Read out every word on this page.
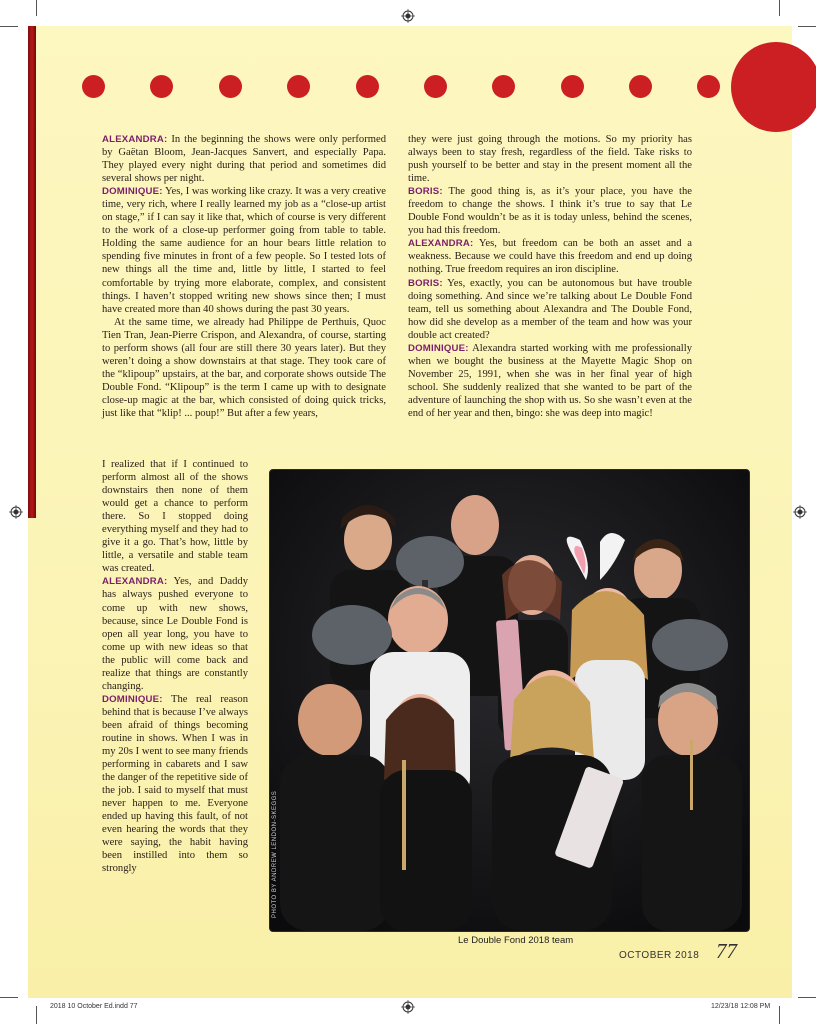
ALEXANDRA: In the beginning the shows were only performed by Gaëtan Bloom, Jean-Jacques Sanvert, and especially Papa. They played every night during that period and sometimes did several shows per night.

DOMINIQUE: Yes, I was working like crazy. It was a very creative time, very rich, where I really learned my job as a “close-up artist on stage,” if I can say it like that, which of course is very different to the work of a close-up performer going from table to table. Holding the same audience for an hour bears little relation to spending five minutes in front of a few people. So I tested lots of new things all the time and, little by little, I started to feel comfortable by trying more elaborate, complex, and consistent things. I haven’t stopped writing new shows since then; I must have created more than 40 shows during the past 30 years.

At the same time, we already had Philippe de Perthuis, Quoc Tien Tran, Jean-Pierre Crispon, and Alexandra, of course, starting to perform shows (all four are still there 30 years later). But they weren’t doing a show downstairs at that stage. They took care of the “klipoup” upstairs, at the bar, and corporate shows outside The Double Fond. “Klipoup” is the term I came up with to designate close-up magic at the bar, which consisted of doing quick tricks, just like that “klip! ... poup!” But after a few years,

I realized that if I continued to perform almost all of the shows downstairs then none of them would get a chance to perform there. So I stopped doing everything myself and they had to give it a go. That’s how, little by little, a versatile and stable team was created.

ALEXANDRA: Yes, and Daddy has always pushed everyone to come up with new shows, because, since Le Double Fond is open all year long, you have to come up with new ideas so that the public will come back and realize that things are constantly changing.

DOMINIQUE: The real reason behind that is because I’ve always been afraid of things becoming routine in shows. When I was in my 20s I went to see many friends performing in cabarets and I saw the danger of the repetitive side of the job. I said to myself that must never happen to me. Everyone ended up having this fault, of not even hearing the words that they were saying, the habit having been instilled into them so strongly

they were just going through the motions. So my priority has always been to stay fresh, regardless of the field. Take risks to push yourself to be better and stay in the present moment all the time.

BORIS: The good thing is, as it’s your place, you have the freedom to change the shows. I think it’s true to say that Le Double Fond wouldn’t be as it is today unless, behind the scenes, you had this freedom.

ALEXANDRA: Yes, but freedom can be both an asset and a weakness. Because we could have this freedom and end up doing nothing. True freedom requires an iron discipline.

BORIS: Yes, exactly, you can be autonomous but have trouble doing something. And since we’re talking about Le Double Fond team, tell us something about Alexandra and The Double Fond, how did she develop as a member of the team and how was your double act created?

DOMINIQUE: Alexandra started working with me professionally when we bought the business at the Mayette Magic Shop on November 25, 1991, when she was in her final year of high school. She suddenly realized that she wanted to be part of the adventure of launching the shop with us. So she wasn’t even at the end of her year and then, bingo: she was deep into magic!

PHOTO BY ANDREW LENDON-SKEGGS
Le Double Fond 2018 team
OCTOBER 2018 77
2018 10 October Ed.indd 77	12/23/18 12:08 PM
